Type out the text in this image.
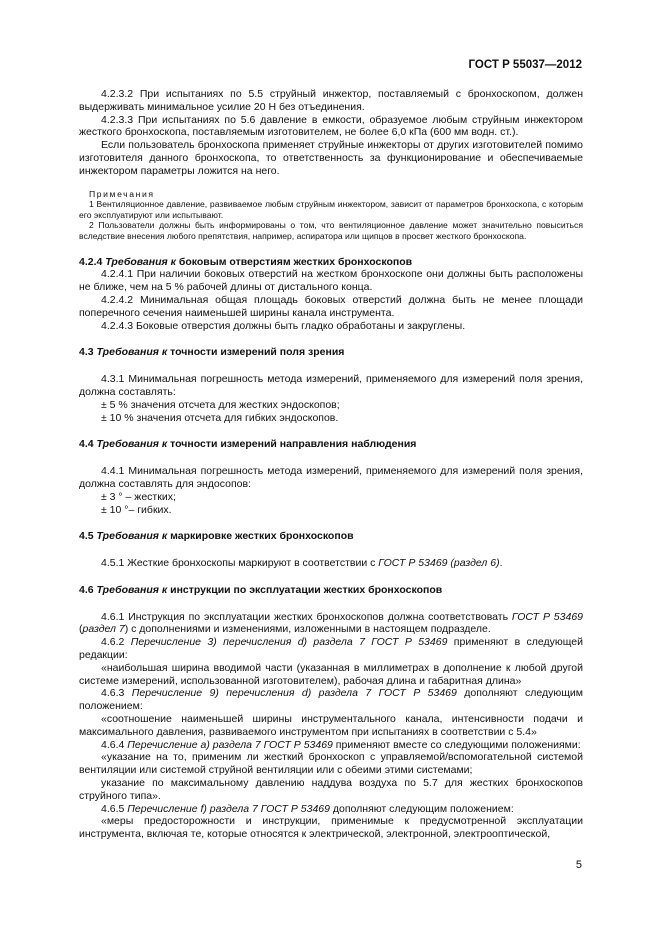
ГОСТ Р 55037—2012

4.2.3.2 При испытаниях по 5.5 струйный инжектор, поставляемый с бронхоскопом, должен выдерживать минимальное усилие 20 Н без отъединения.

4.2.3.3 При испытаниях по 5.6 давление в емкости, образуемое любым струйным инжектором жесткого бронхоскопа, поставляемым изготовителем, не более 6,0 кПа (600 мм водн. ст.).

Если пользователь бронхоскопа применяет струйные инжекторы от других изготовителей помимо изготовителя данного бронхоскопа, то ответственность за функционирование и обеспечиваемые инжектором параметры ложится на него.

Примечания

1 Вентиляционное давление, развиваемое любым струйным инжектором, зависит от параметров бронхоскопа, с которым его эксплуатируют или испытывают.

2 Пользователи должны быть информированы о том, что вентиляционное давление может значительно повыситься вследствие внесения любого препятствия, например, аспиратора или щипцов в просвет жесткого бронхоскопа.

4.2.4 Требования к боковым отверстиям жестких бронхоскопов

4.2.4.1 При наличии боковых отверстий на жестком бронхоскопе они должны быть расположены не ближе, чем на 5 % рабочей длины от дистального конца.

4.2.4.2 Минимальная общая площадь боковых отверстий должна быть не менее площади поперечного сечения наименьшей ширины канала инструмента.

4.2.4.3 Боковые отверстия должны быть гладко обработаны и закруглены.

4.3 Требования к точности измерений поля зрения

4.3.1 Минимальная погрешность метода измерений, применяемого для измерений поля зрения, должна составлять:

± 5 % значения отсчета для жестких эндоскопов;

± 10 % значения отсчета для гибких эндоскопов.

4.4 Требования к точности измерений направления наблюдения

4.4.1 Минимальная погрешность метода измерений, применяемого для измерений поля зрения, должна составлять для эндосопов:

± 3 ° – жестких;

± 10 °– гибких.

4.5 Требования к маркировке жестких бронхоскопов

4.5.1 Жесткие бронхоскопы маркируют в соответствии с ГОСТ Р 53469 (раздел 6).

4.6 Требования к инструкции по эксплуатации жестких бронхоскопов

4.6.1 Инструкция по эксплуатации жестких бронхоскопов должна соответствовать ГОСТ Р 53469 (раздел 7) с дополнениями и изменениями, изложенными в настоящем подразделе.

4.6.2 Перечисление 3) перечисления d) раздела 7 ГОСТ Р 53469 применяют в следующей редакции:

«наибольшая ширина вводимой части (указанная в миллиметрах в дополнение к любой другой системе измерений, использованной изготовителем), рабочая длина и габаритная длина»

4.6.3 Перечисление 9) перечисления d) раздела 7 ГОСТ Р 53469 дополняют следующим положением:

«соотношение наименьшей ширины инструментального канала, интенсивности подачи и максимального давления, развиваемого инструментом при испытаниях в соответствии с 5.4»

4.6.4 Перечисление а) раздела 7 ГОСТ Р 53469 применяют вместе со следующими положениями:

«указание на то, применим ли жесткий бронхоскоп с управляемой/вспомогательной системой вентиляции или системой струйной вентиляции или с обеими этими системами;

указание по максимальному давлению наддува воздуха по 5.7 для жестких бронхоскопов струйного типа».

4.6.5 Перечисление f) раздела 7 ГОСТ Р 53469 дополняют следующим положением:

«меры предосторожности и инструкции, применимые к предусмотренной эксплуатации инструмента, включая те, которые относятся к электрической, электронной, электрооптической,

5
